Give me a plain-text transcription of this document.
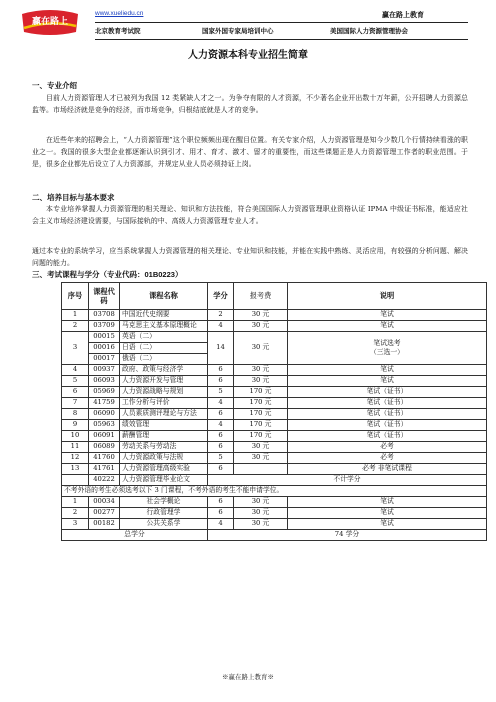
赢在路上
www.xueliedu.cn	赢在路上教育
北京教育考试院	国家外国专家局培训中心	美国国际人力资源管理协会
人力资源本科专业招生简章
一、专业介绍
目前人力资源管理人才已被列为我国 12 类紧缺人才之一。为争夺有限的人才资源，不少著名企业开出数十万年薪，公开招聘人力资源总监等。市场经济就是竞争的经济，而市场竞争，归根结底就是人才的竞争。
在近些年来的招聘会上，“人力资源管理”这个职位频频出现在醒目位置。有关专家介绍，人力资源管理是知今少数几个行情持续看涨的职业之一。我国的很多大型企业都逐渐认识到引才、用才、育才、激才、留才的重要性，而这些课题正是人力资源管理工作者的职业范围。于是，很多企业都先后设立了人力资源部，并规定从业人员必须持证上岗。
二、培养目标与基本要求
本专业培养掌握人力资源管理的相关理论、知识和方法技能，符合美国国际人力资源管理职业资格认证 IPMA 中级证书标准，能适应社会主义市场经济建设需要，与国际接轨的中、高级人力资源管理专业人才。
通过本专业的系统学习，应当系统掌握人力资源管理的相关理论、专业知识和技能，并能在实践中熟练、灵活应用，有较强的分析问题、解决问题的能力。
三、考试课程与学分（专业代码：01B0223）
序号	课程代码	课程名称	学分	报考费	说明
1	03708	中国近代史纲要	2	30 元	笔试
2	03709	马克思主义基本原理概论	4	30 元	笔试
3	00015	英语（二）	14	30 元	笔试选考
（三选一）

	00016	日语（二）			
	00017	俄语（二）			
4	00937	政府、政策与经济学	6	30 元	笔试
5	06093	人力资源开发与管理	6	30 元	笔试
6	05969	人力资源战略与规划	5	170 元	笔试（证书）
7	41759	工作分析与评价	4	170 元	笔试（证书）
8	06090	人员素质测评理论与方法	6	170 元	笔试（证书）
9	05963	绩效管理	4	170 元	笔试（证书）
10	06091	薪酬管理	6	170 元	笔试（证书）
11	06089	劳动关系与劳动法	6	30 元	必考
12	41760	人力资源政策与法规	5	30 元	必考
13	41761	人力资源管理高级实验	6		必考 非笔试课程
	40222	人力资源管理毕业论文	不计学分		
不考外语的考生必须选考以下 3 门课程，不考外语的考生不能申请学位。					
1	00034	社会学概论	6	30 元	笔试
2	00277	行政管理学	6	30 元	笔试
3	00182	公共关系学	4	30 元	笔试
总学分			74 学分		
※赢在路上教育※
